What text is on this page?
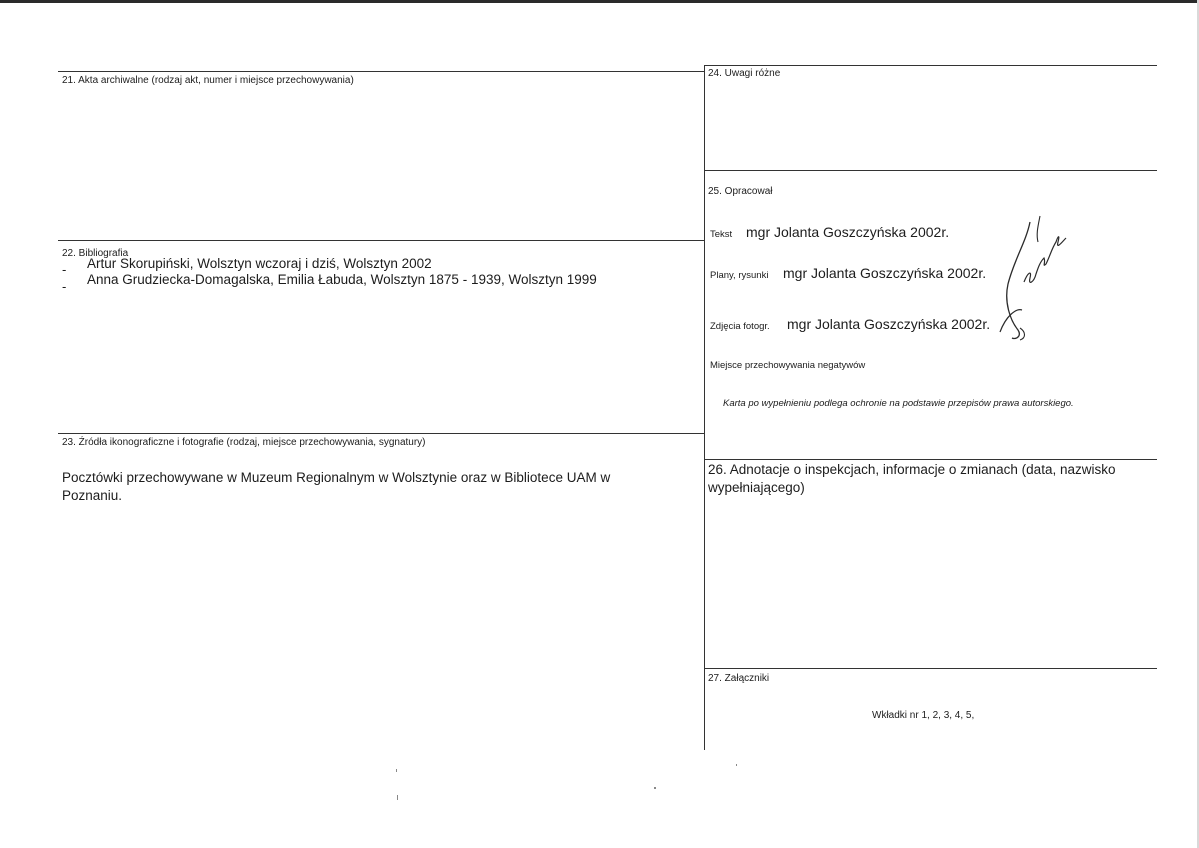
21. Akta archiwalne (rodzaj akt, numer i miejsce przechowywania)
22. Bibliografia
- Artur Skorupiński, Wolsztyn wczoraj i dziś, Wolsztyn 2002
- Anna Grudziecka-Domagalska, Emilia Łabuda, Wolsztyn 1875 - 1939, Wolsztyn 1999
23. Źródła ikonograficzne i fotografie (rodzaj, miejsce przechowywania, sygnatury)
Pocztówki przechowywane w Muzeum Regionalnym w Wolsztynie oraz w Bibliotece UAM w
Poznaniu.
24. Uwagi różne
25. Opracował
Tekst mgr Jolanta Goszczyńska 2002r.
Plany, rysunki mgr Jolanta Goszczyńska 2002r.
Zdjęcia fotogr. mgr Jolanta Goszczyńska 2002r.
Miejsce przechowywania negatywów
Karta po wypełnieniu podlega ochronie na podstawie przepisów prawa autorskiego.
26. Adnotacje o inspekcjach, informacje o zmianach (data, nazwisko
wypełniającego)
27. Załączniki
Wkładki nr 1, 2, 3, 4, 5,
